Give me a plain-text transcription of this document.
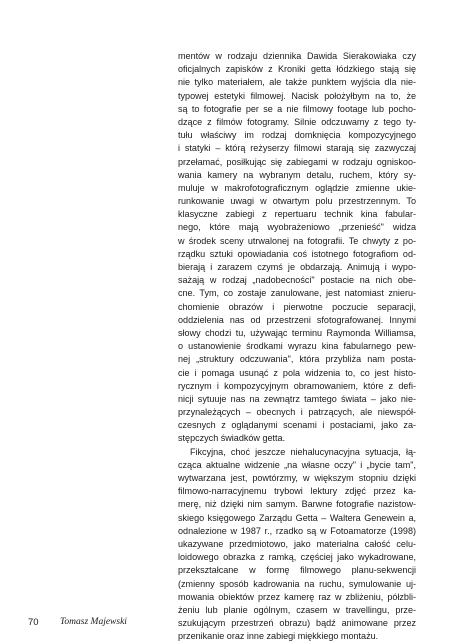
mentów w rodzaju dziennika Dawida Sierakowiaka czy
oficjalnych zapisków z Kroniki getta łódzkiego stają się
nie tylko materiałem, ale także punktem wyjścia dla nie-
typowej estetyki filmowej. Nacisk położyłbym na to, że
są to fotografie per se a nie filmowy footage lub pocho-
dzące z filmów fotogramy. Silnie odczuwamy z tego ty-
tułu właściwy im rodzaj domknięcia kompozycyjnego
i statyki – którą reżyserzy filmowi starają się zazwyczaj
przełamać, posiłkując się zabiegami w rodzaju ogniskoo-
wania kamery na wybranym detalu, ruchem, który sy-
muluje w makrofotograficznym oglądzie zmienne ukie-
runkowanie uwagi w otwartym polu przestrzennym. To
klasyczne zabiegi z repertuaru technik kina fabular-
nego, które mają wyobrażeniowo „przenieść" widza
w środek sceny utrwalonej na fotografii. Te chwyty z po-
rządku sztuki opowiadania coś istotnego fotografiom od-
bierają i zarazem czymś je obdarzają. Animują i wypo-
sażają w rodzaj „nadobecności" postacie na nich obe-
cne. Tym, co zostaje zanulowane, jest natomiast znieru-
chomienie obrazów i pierwotne poczucie separacji,
oddzielenia nas od przestrzeni sfotografowanej. Innymi
słowy chodzi tu, używając terminu Raymonda Williamsa,
o ustanowienie środkami wyrazu kina fabularnego pew-
nej „struktury odczuwania", która przybliża nam posta-
cie i pomaga usunąć z pola widzenia to, co jest histo-
rycznym i kompozycyjnym obramowaniem, które z defi-
nicji sytuuje nas na zewnątrz tamtego świata – jako nie-
przynależących – obecnych i patrzących, ale niewspół-
czesnych z oglądanymi scenami i postaciami, jako za-
stępczych świadków getta.
Fikcyjna, choć jeszcze niehalucynacyjna sytuacja, łą-
cząca aktualne widzenie „na własne oczy" i „bycie tam",
wytwarzana jest, powtórzmy, w większym stopniu dzięki
filmowo-narracyjnemu trybowi lektury zdjęć przez ka-
merę, niż dzięki nim samym. Barwne fotografie nazistow-
skiego księgowego Zarządu Getta – Waltera Genewein a,
odnalezione w 1987 r., rzadko są w Fotoamatorze (1998)
ukazywane przedmiotowo, jako materialna całość celu-
loidowego obrazka z ramką, częściej jako wykadrowane,
przekształcane w formę filmowego planu-sekwencji
(zmienny sposób kadrowania na ruchu, symulowanie uj-
mowania obiektów przez kamerę raz w zbliżeniu, półzbli-
żeniu lub planie ogólnym, czasem w travellingu, prze-
szukującym przestrzeń obrazu) bądź animowane przez
przenikanie oraz inne zabiegi miękkiego montażu.
70 Tomasz Majewski
